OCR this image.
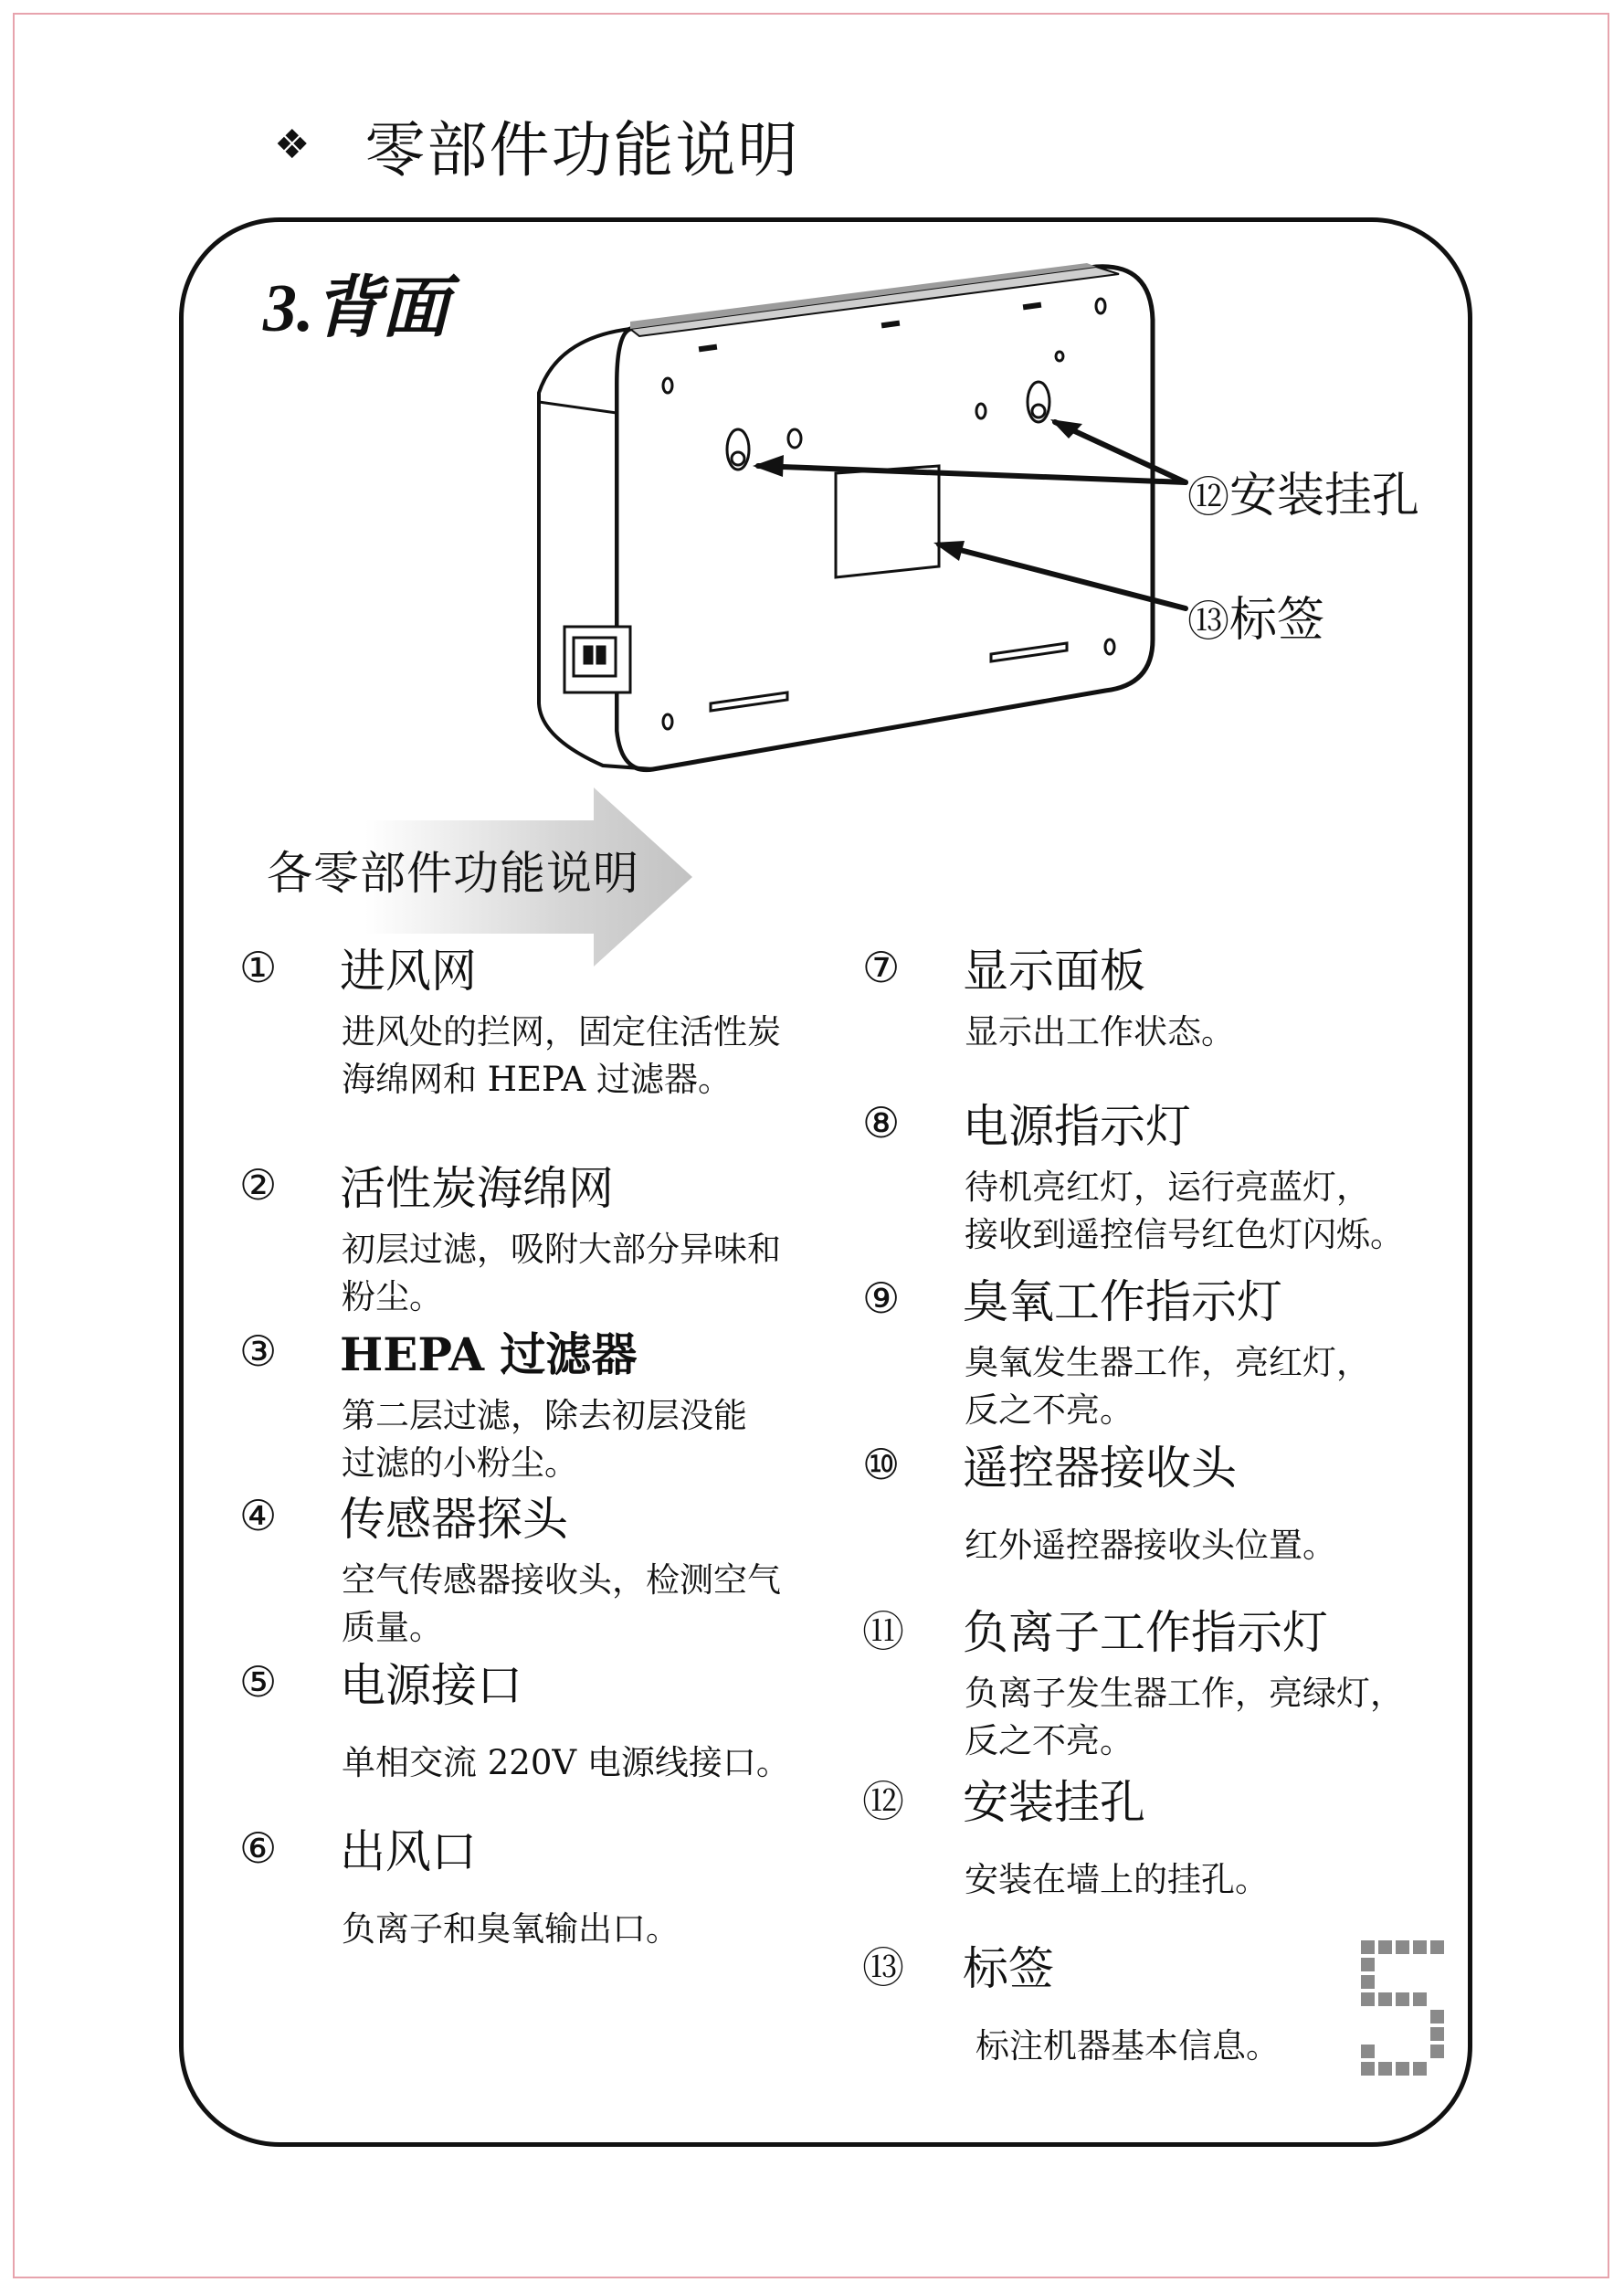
❖ 零部件功能说明
3.背面
⑫安装挂孔
⑬标签
各零部件功能说明
①	进风网
进风处的拦网，固定住活性炭
海绵网和 HEPA 过滤器。
②	活性炭海绵网
初层过滤，吸附大部分异味和
粉尘。
③	HEPA 过滤器
第二层过滤，除去初层没能
过滤的小粉尘。
④	传感器探头
空气传感器接收头，检测空气
质量。
⑤	电源接口
单相交流 220V 电源线接口。
⑥	出风口
负离子和臭氧输出口。
⑦	显示面板
显示出工作状态。
⑧	电源指示灯
待机亮红灯，运行亮蓝灯，
接收到遥控信号红色灯闪烁。
⑨	臭氧工作指示灯
臭氧发生器工作，亮红灯，
反之不亮。
⑩	遥控器接收头
红外遥控器接收头位置。
⑪	负离子工作指示灯
负离子发生器工作，亮绿灯，
反之不亮。
⑫	安装挂孔
安装在墙上的挂孔。
⑬	标签
标注机器基本信息。
